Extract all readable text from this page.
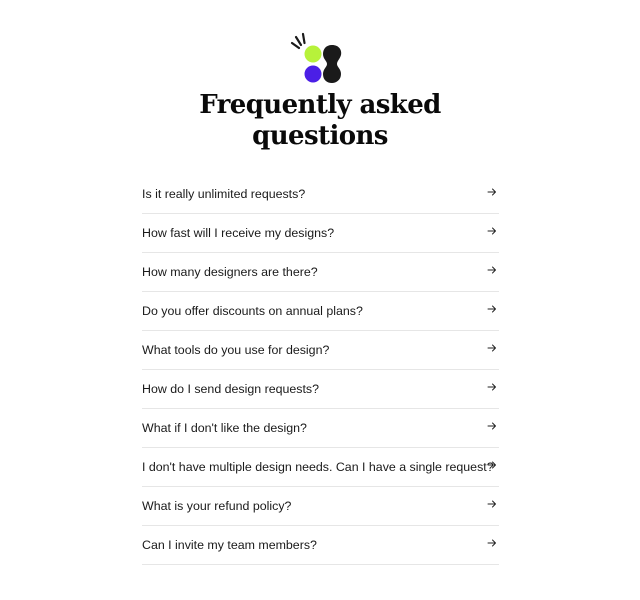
Frequently asked
questions
Is it really unlimited requests?
How fast will I receive my designs?
How many designers are there?
Do you offer discounts on annual plans?
What tools do you use for design?
How do I send design requests?
What if I don't like the design?
I don't have multiple design needs. Can I have a single request?
What is your refund policy?
Can I invite my team members?
